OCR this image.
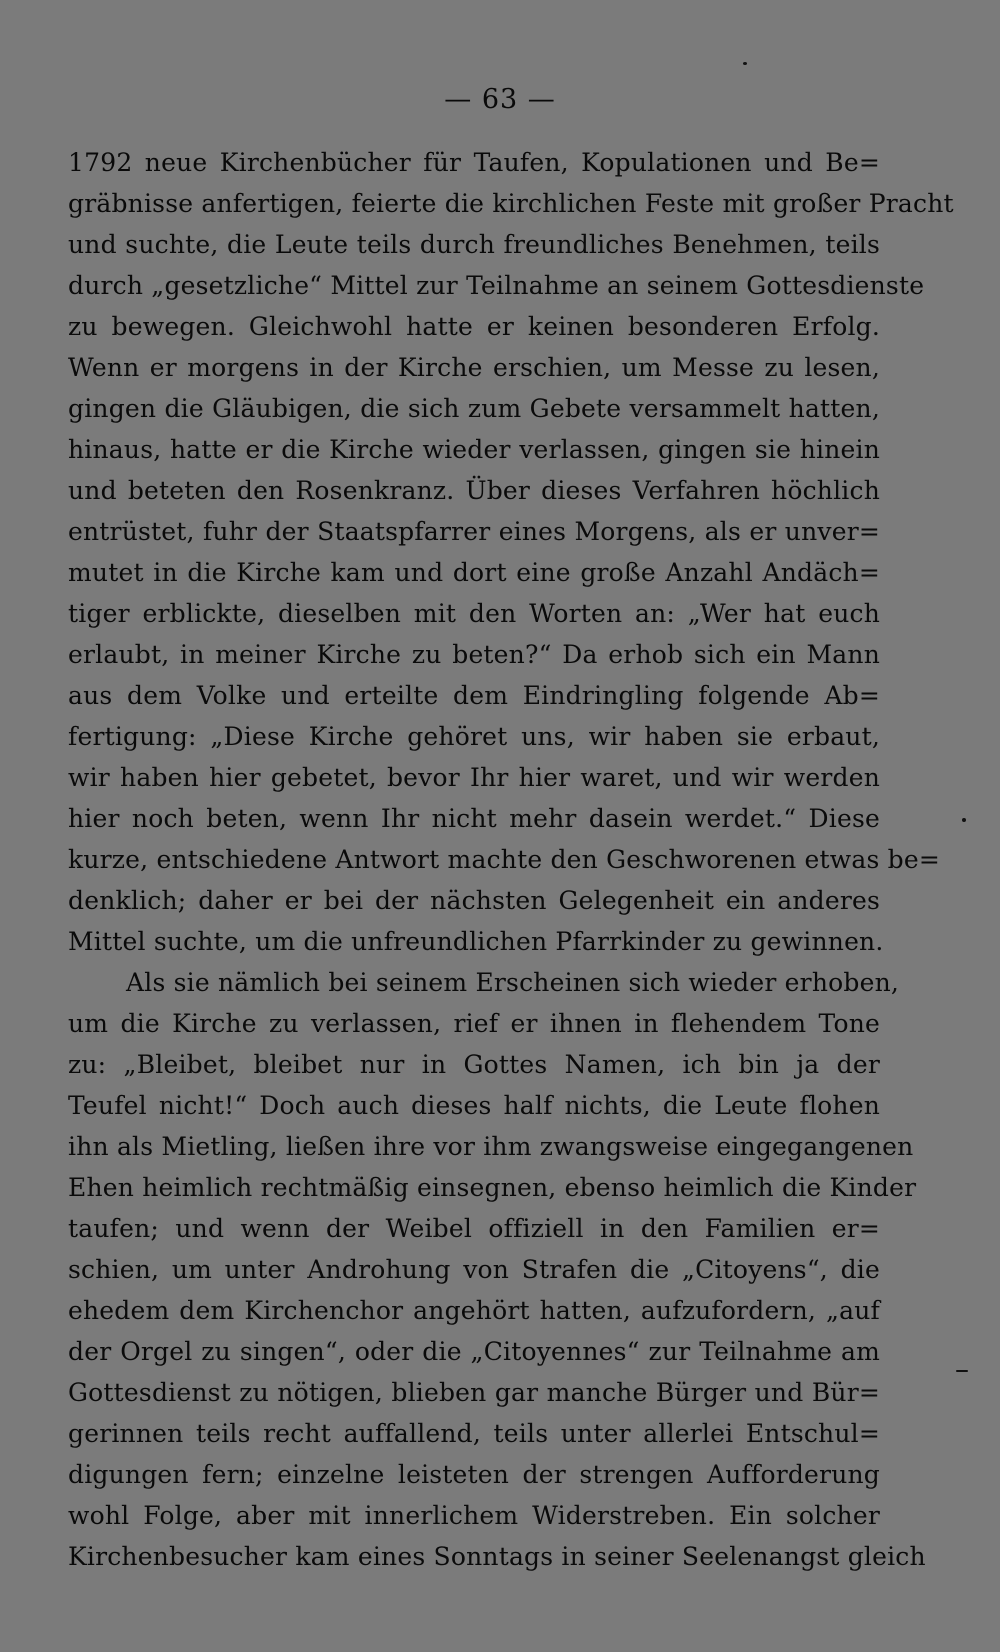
— 63 —
1792 neue Kirchenbücher für Taufen, Kopulationen und Be=
gräbnisse anfertigen, feierte die kirchlichen Feste mit großer Pracht
und suchte, die Leute teils durch freundliches Benehmen, teils
durch „gesetzliche“ Mittel zur Teilnahme an seinem Gottesdienste
zu bewegen. Gleichwohl hatte er keinen besonderen Erfolg.
Wenn er morgens in der Kirche erschien, um Messe zu lesen,
gingen die Gläubigen, die sich zum Gebete versammelt hatten,
hinaus, hatte er die Kirche wieder verlassen, gingen sie hinein
und beteten den Rosenkranz. Über dieses Verfahren höchlich
entrüstet, fuhr der Staatspfarrer eines Morgens, als er unver=
mutet in die Kirche kam und dort eine große Anzahl Andäch=
tiger erblickte, dieselben mit den Worten an: „Wer hat euch
erlaubt, in meiner Kirche zu beten?“ Da erhob sich ein Mann
aus dem Volke und erteilte dem Eindringling folgende Ab=
fertigung: „Diese Kirche gehöret uns, wir haben sie erbaut,
wir haben hier gebetet, bevor Ihr hier waret, und wir werden
hier noch beten, wenn Ihr nicht mehr dasein werdet.“ Diese
kurze, entschiedene Antwort machte den Geschworenen etwas be=
denklich; daher er bei der nächsten Gelegenheit ein anderes
Mittel suchte, um die unfreundlichen Pfarrkinder zu gewinnen.
Als sie nämlich bei seinem Erscheinen sich wieder erhoben,
um die Kirche zu verlassen, rief er ihnen in flehendem Tone
zu: „Bleibet, bleibet nur in Gottes Namen, ich bin ja der
Teufel nicht!“ Doch auch dieses half nichts, die Leute flohen
ihn als Mietling, ließen ihre vor ihm zwangsweise eingegangenen
Ehen heimlich rechtmäßig einsegnen, ebenso heimlich die Kinder
taufen; und wenn der Weibel offiziell in den Familien er=
schien, um unter Androhung von Strafen die „Citoyens“, die
ehedem dem Kirchenchor angehört hatten, aufzufordern, „auf
der Orgel zu singen“, oder die „Citoyennes“ zur Teilnahme am
Gottesdienst zu nötigen, blieben gar manche Bürger und Bür=
gerinnen teils recht auffallend, teils unter allerlei Entschul=
digungen fern; einzelne leisteten der strengen Aufforderung
wohl Folge, aber mit innerlichem Widerstreben. Ein solcher
Kirchenbesucher kam eines Sonntags in seiner Seelenangst gleich
